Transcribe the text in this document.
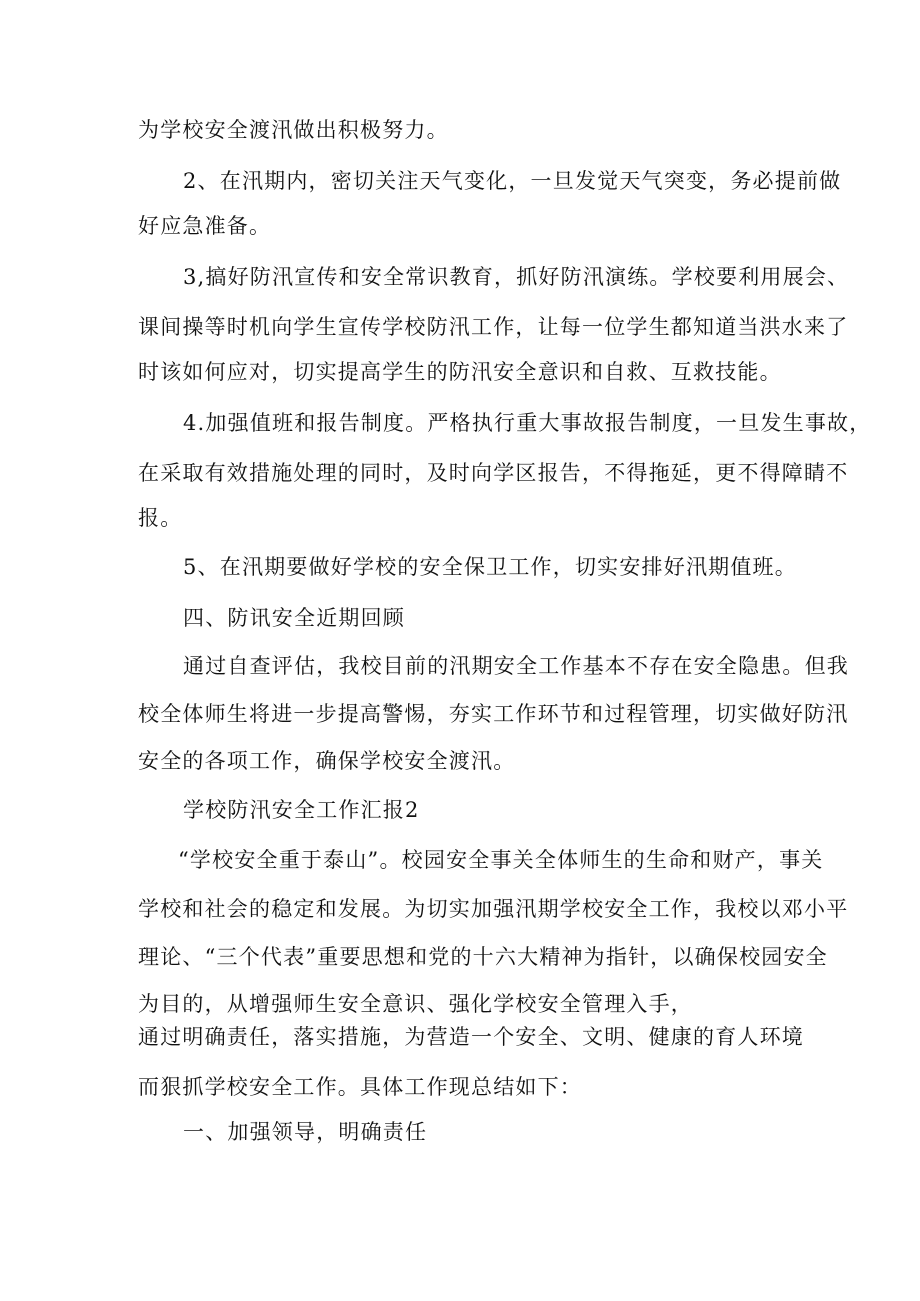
为学校安全渡汛做出积极努力。
2、在汛期内，密切关注天气变化，一旦发觉天气突变，务必提前做
好应急准备。
3,搞好防汛宣传和安全常识教育，抓好防汛演练。学校要利用展会、
课间操等时机向学生宣传学校防汛工作，让每一位学生都知道当洪水来了
时该如何应对，切实提高学生的防汛安全意识和自救、互救技能。
4.加强值班和报告制度。严格执行重大事故报告制度，一旦发生事故，
在采取有效措施处理的同时，及时向学区报告，不得拖延，更不得障睛不
报。
5、在汛期要做好学校的安全保卫工作，切实安排好汛期值班。
四、防讯安全近期回顾
通过自查评估，我校目前的汛期安全工作基本不存在安全隐患。但我
校全体师生将进一步提高警惕，夯实工作环节和过程管理，切实做好防汛
安全的各项工作，确保学校安全渡汛。
学校防汛安全工作汇报2
“学校安全重于泰山”。校园安全事关全体师生的生命和财产，事关
学校和社会的稳定和发展。为切实加强汛期学校安全工作，我校以邓小平
理论、“三个代表”重要思想和党的十六大精神为指针，以确保校园安全
为目的，从增强师生安全意识、强化学校安全管理入手，
通过明确责任，落实措施，为营造一个安全、文明、健康的育人环境
而狠抓学校安全工作。具体工作现总结如下：
一、加强领导，明确责任
